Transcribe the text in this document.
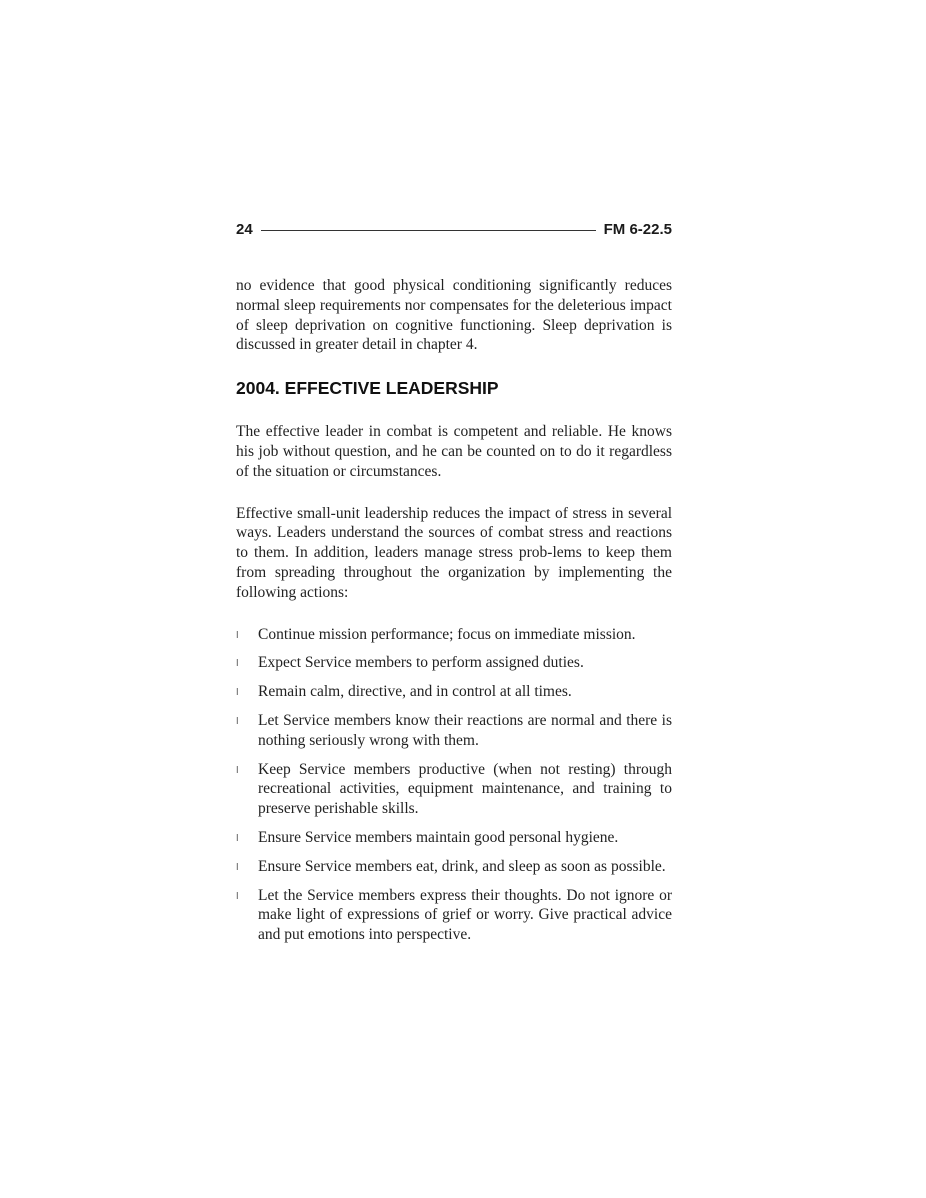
24	FM 6-22.5

no evidence that good physical conditioning significantly reduces normal sleep requirements nor compensates for the deleterious impact of sleep deprivation on cognitive functioning. Sleep deprivation is discussed in greater detail in chapter 4.

2004. EFFECTIVE LEADERSHIP

The effective leader in combat is competent and reliable. He knows his job without question, and he can be counted on to do it regardless of the situation or circumstances.

Effective small-unit leadership reduces the impact of stress in several ways. Leaders understand the sources of combat stress and reactions to them. In addition, leaders manage stress prob-lems to keep them from spreading throughout the organization by implementing the following actions:

l	Continue mission performance; focus on immediate mission.
l	Expect Service members to perform assigned duties.
l	Remain calm, directive, and in control at all times.
l	Let Service members know their reactions are normal and there is nothing seriously wrong with them.
l	Keep Service members productive (when not resting) through recreational activities, equipment maintenance, and training to preserve perishable skills.
l	Ensure Service members maintain good personal hygiene.
l	Ensure Service members eat, drink, and sleep as soon as possible.
l	Let the Service members express their thoughts. Do not ignore or make light of expressions of grief or worry. Give practical advice and put emotions into perspective.
